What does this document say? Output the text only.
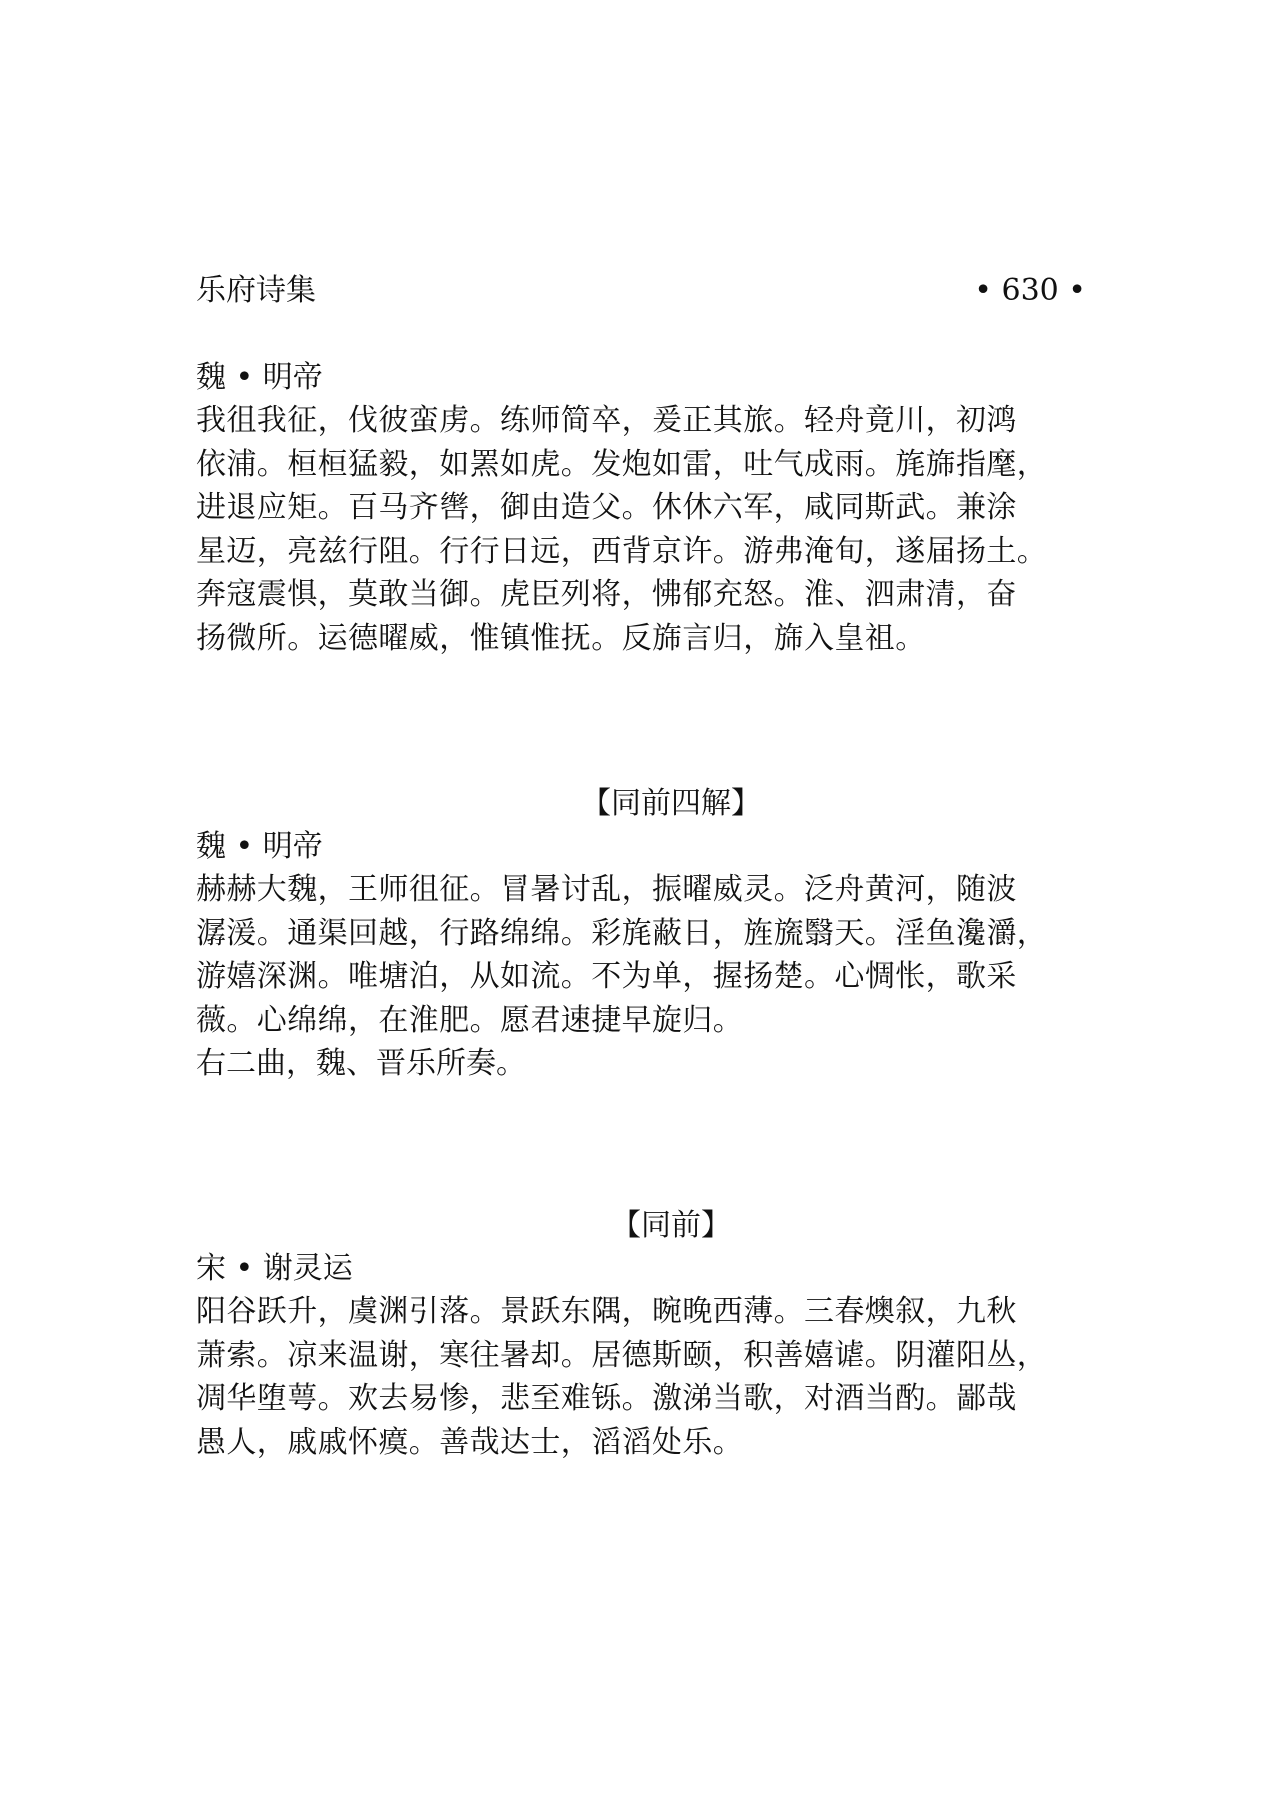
乐府诗集	• 630 •
魏 • 明帝
我徂我征，伐彼蛮虏。练师简卒，爰正其旅。轻舟竟川，初鸿
依浦。桓桓猛毅，如罴如虎。发炮如雷，吐气成雨。旄旆指麾，
进退应矩。百马齐辔，御由造父。休休六军，咸同斯武。兼涂
星迈，亮兹行阻。行行日远，西背京许。游弗淹旬，遂届扬土。
奔寇震惧，莫敢当御。虎臣列将，怫郁充怒。淮、泗肃清，奋
扬微所。运德曜威，惟镇惟抚。反旆言归，旆入皇祖。
【同前四解】
魏 • 明帝
赫赫大魏，王师徂征。冒暑讨乱，振曜威灵。泛舟黄河，随波
潺湲。通渠回越，行路绵绵。彩旄蔽日，旌旒翳天。淫鱼瀺灂，
游嬉深渊。唯塘泊，从如流。不为单，握扬楚。心惆怅，歌采
薇。心绵绵，在淮肥。愿君速捷早旋归。
右二曲，魏、晋乐所奏。
【同前】
宋 • 谢灵运
阳谷跃升，虞渊引落。景跃东隅，晼晚西薄。三春燠叙，九秋
萧索。凉来温谢，寒往暑却。居德斯颐，积善嬉谑。阴灌阳丛，
凋华堕萼。欢去易惨，悲至难铄。激涕当歌，对酒当酌。鄙哉
愚人，戚戚怀瘼。善哉达士，滔滔处乐。
